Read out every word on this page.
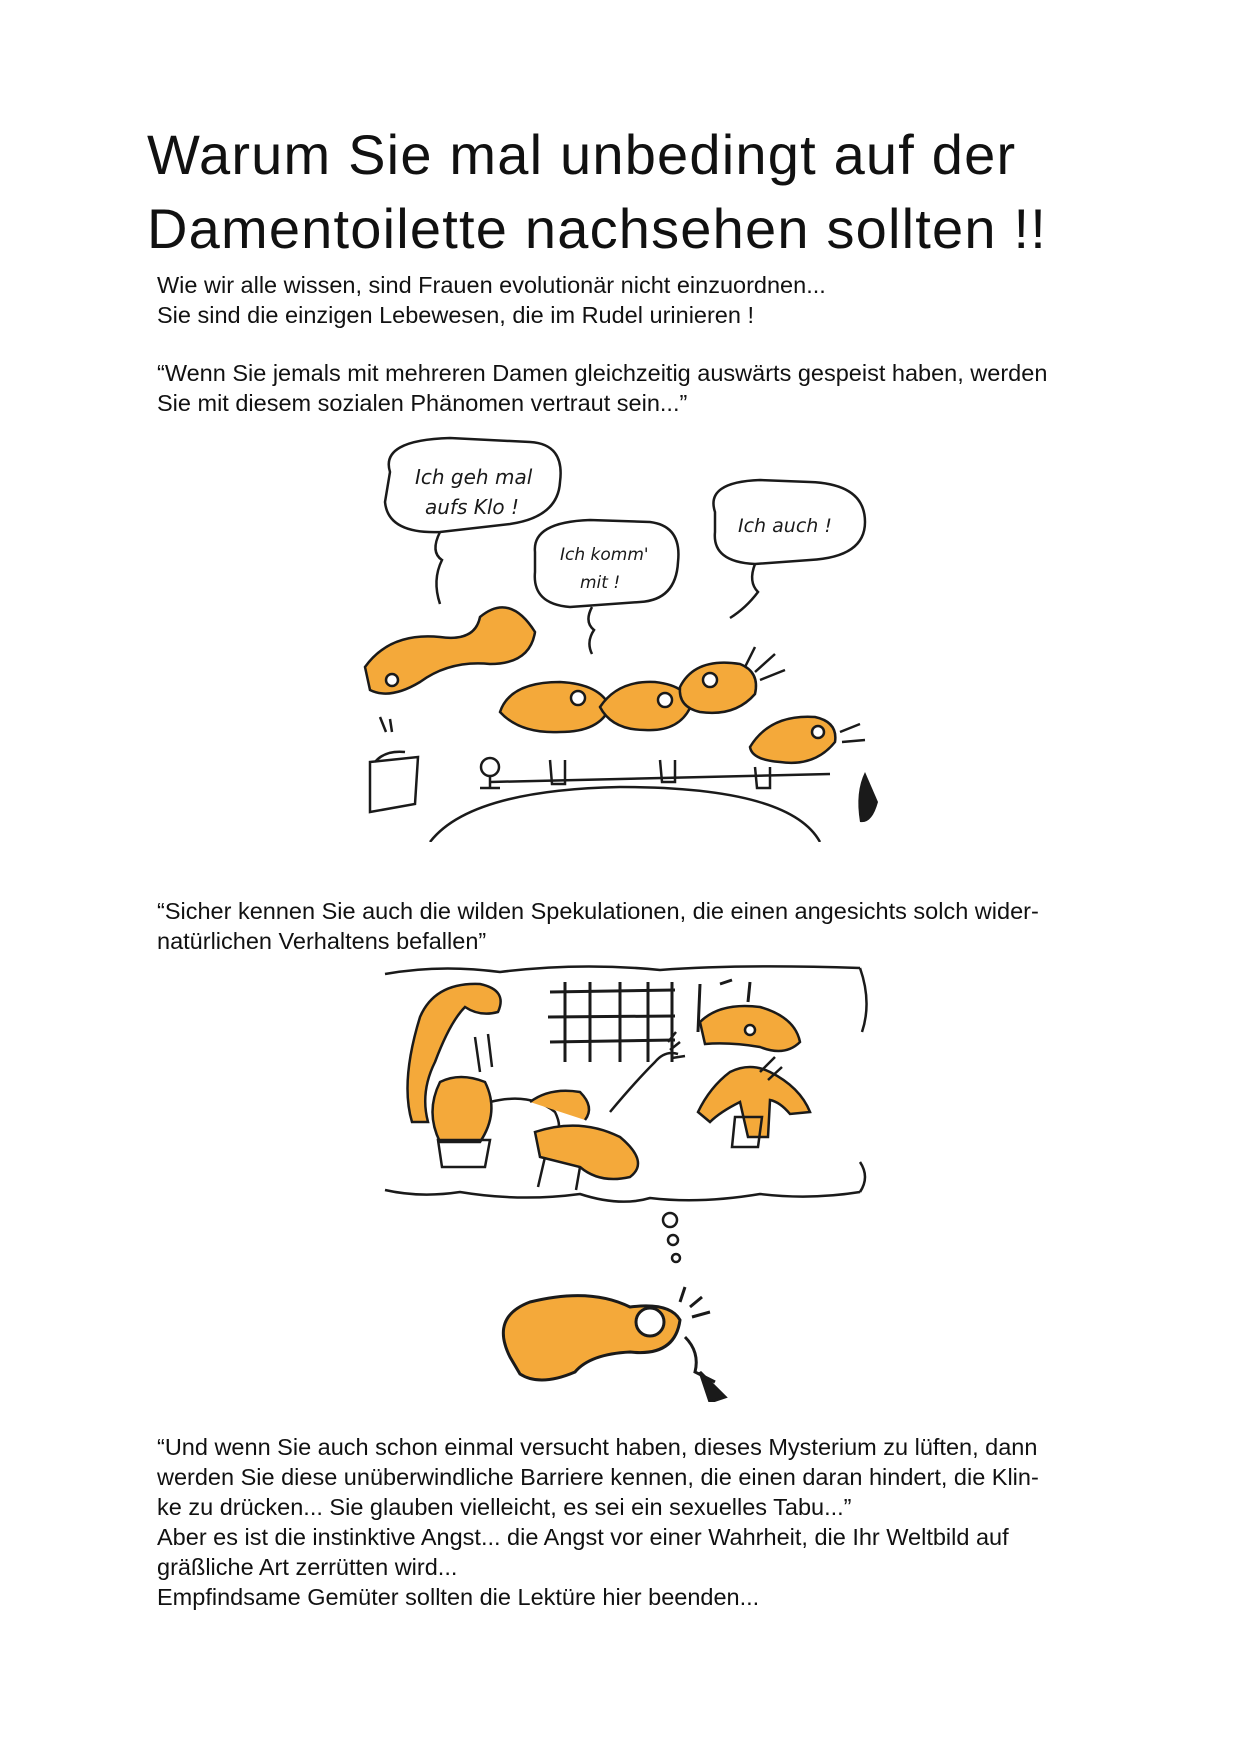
Warum Sie mal unbedingt auf der
Damentoilette nachsehen sollten !!

Wie wir alle wissen, sind Frauen evolutionär nicht einzuordnen...
Sie sind die einzigen Lebewesen, die im Rudel urinieren !

“Wenn Sie jemals mit mehreren Damen gleichzeitig auswärts gespeist haben, werden
Sie mit diesem sozialen Phänomen vertraut sein...”

Ich geh mal
aufs Klo !
Ich komm'
mit !
Ich auch !

“Sicher kennen Sie auch die wilden Spekulationen, die einen angesichts solch wider-
natürlichen Verhaltens befallen”

“Und wenn Sie auch schon einmal versucht haben, dieses Mysterium zu lüften, dann
werden Sie diese unüberwindliche Barriere kennen, die einen daran hindert, die Klin-
ke zu drücken... Sie glauben vielleicht, es sei ein sexuelles Tabu...”
Aber es ist die instinktive Angst... die Angst vor einer Wahrheit, die Ihr Weltbild auf
gräßliche Art zerrütten wird...
Empfindsame Gemüter sollten die Lektüre hier beenden...
